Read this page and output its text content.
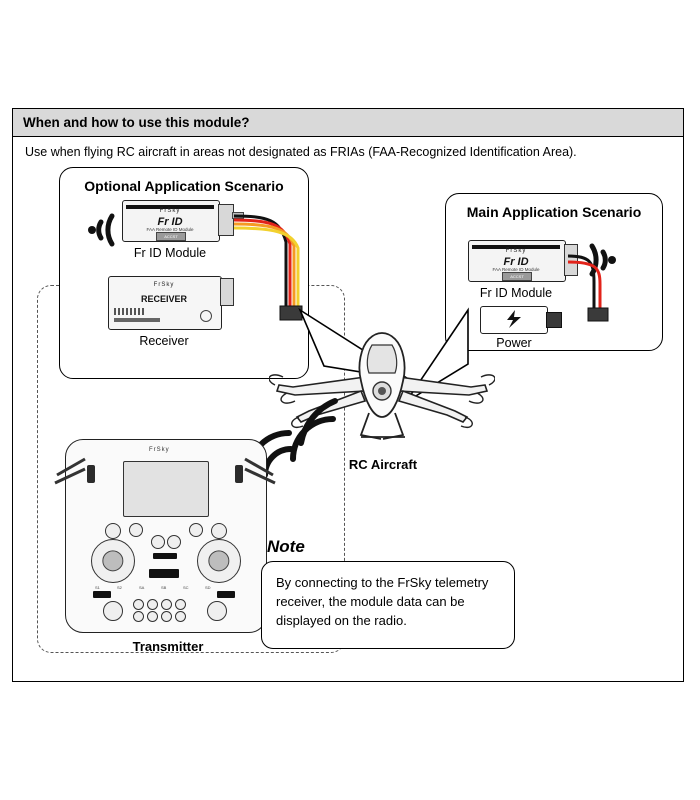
When and how to use this module?
Use when flying RC aircraft in areas not designated as FRIAs (FAA-Recognized Identification Area).
Optional Application Scenario
FrSky
Fr ID
FAA Remote ID Module
ACCST 2.4GHz
Fr ID Module
FrSky
RECEIVER
Receiver
Main Application Scenario
FrSky
Fr ID
FAA Remote ID Module
ACCST 2.4GHz
Fr ID Module
Power
RC Aircraft
FrSky
S1	S2	SA	SB	SC	SD
Transmitter
Note
By connecting to the FrSky telemetry receiver, the module data can be displayed on the radio.
